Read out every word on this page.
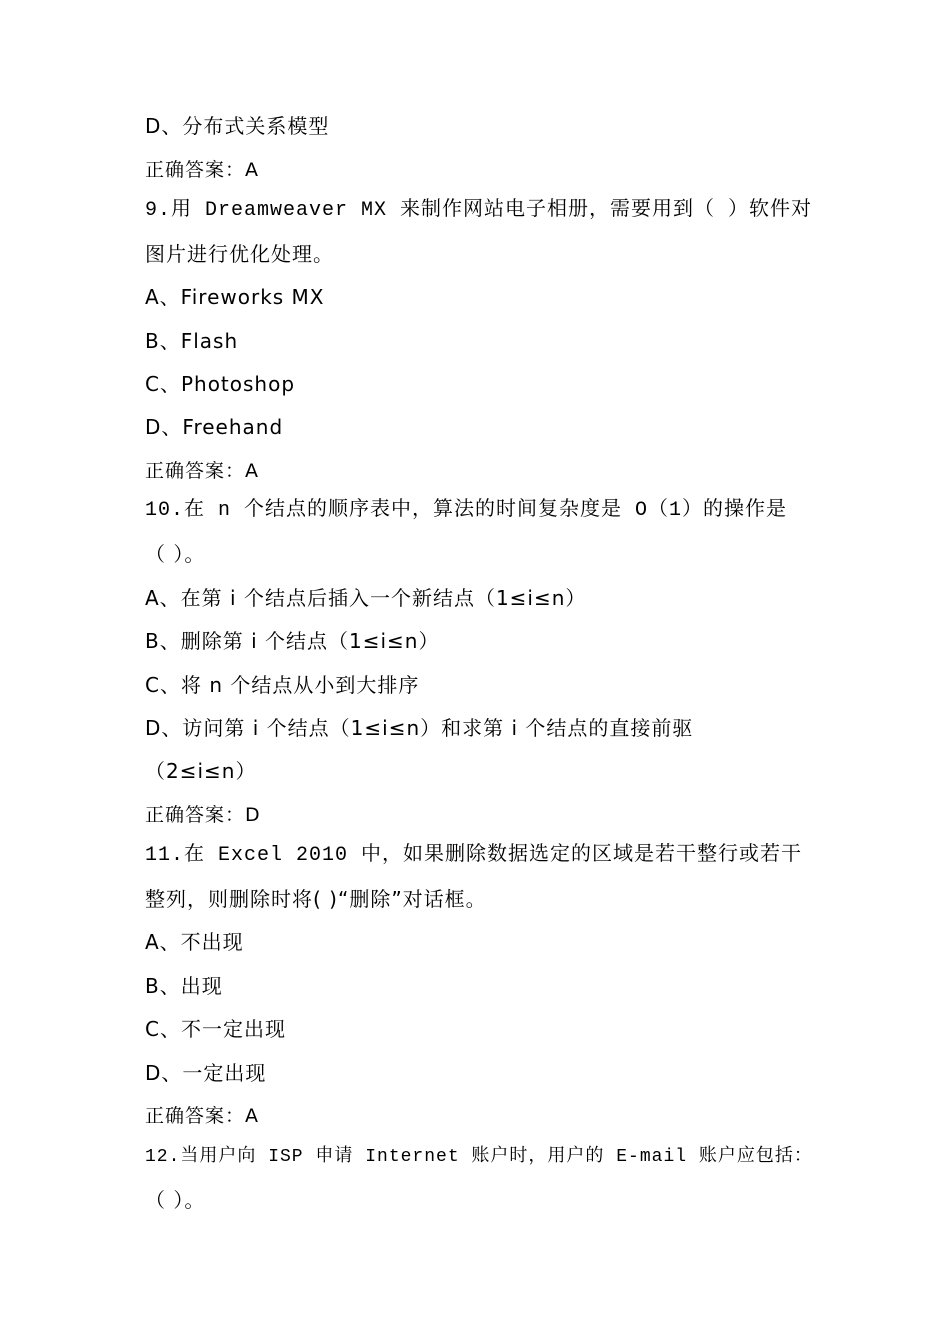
D、分布式关系模型
正确答案：A
9.用 Dreamweaver MX 来制作网站电子相册，需要用到（ ）软件对
图片进行优化处理。
A、Fireworks MX
B、Flash
C、Photoshop
D、Freehand
正确答案：A
10.在 n 个结点的顺序表中，算法的时间复杂度是 O（1）的操作是
（ ）。
A、在第 i 个结点后插入一个新结点（1≤i≤n）
B、删除第 i 个结点（1≤i≤n）
C、将 n 个结点从小到大排序
D、访问第 i 个结点（1≤i≤n）和求第 i 个结点的直接前驱
（2≤i≤n）
正确答案：D
11.在 Excel 2010 中，如果删除数据选定的区域是若干整行或若干
整列，则删除时将( )“删除”对话框。
A、不出现
B、出现
C、不一定出现
D、一定出现
正确答案：A
12.当用户向 ISP 申请 Internet 账户时，用户的 E-mail 账户应包括：
（ ）。
